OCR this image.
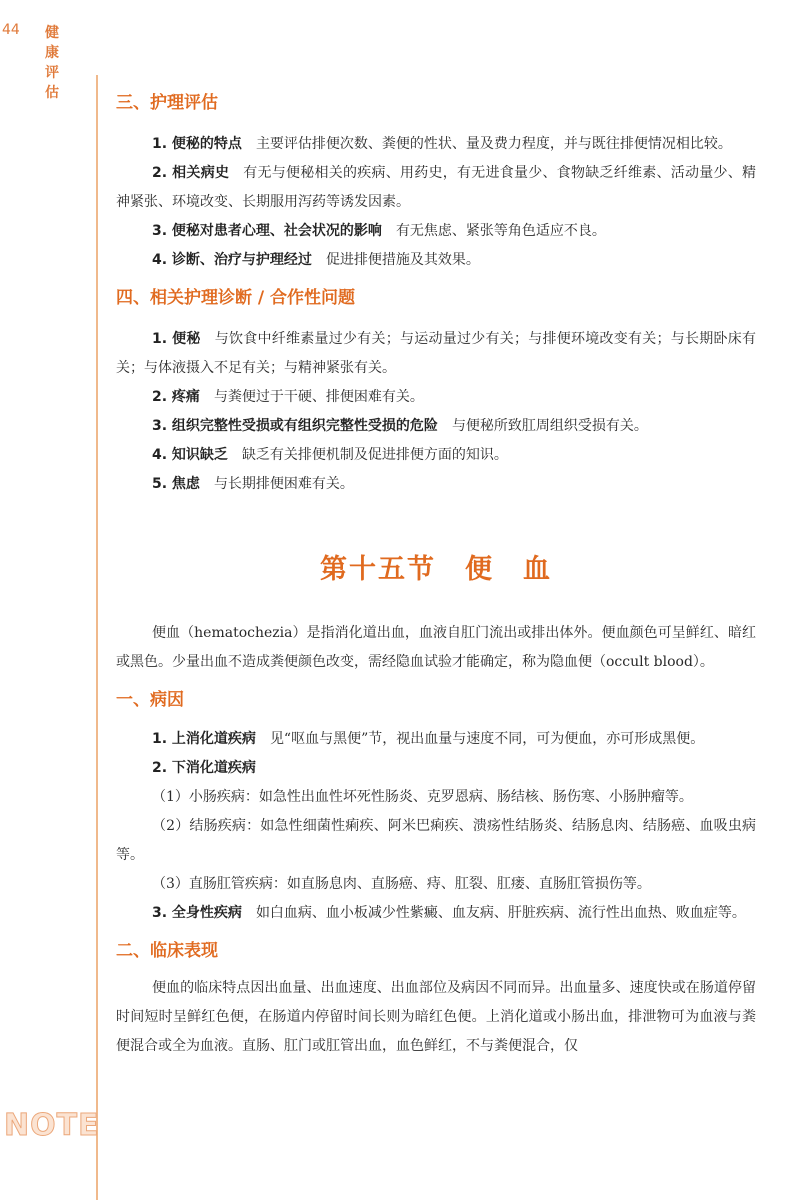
44 健康评估
NOTE
三、护理评估

1. 便秘的特点 主要评估排便次数、粪便的性状、量及费力程度，并与既往排便情况相比较。

2. 相关病史 有无与便秘相关的疾病、用药史，有无进食量少、食物缺乏纤维素、活动量少、精神紧张、环境改变、长期服用泻药等诱发因素。

3. 便秘对患者心理、社会状况的影响 有无焦虑、紧张等角色适应不良。

4. 诊断、治疗与护理经过 促进排便措施及其效果。

四、相关护理诊断 / 合作性问题

1. 便秘 与饮食中纤维素量过少有关；与运动量过少有关；与排便环境改变有关；与长期卧床有关；与体液摄入不足有关；与精神紧张有关。

2. 疼痛 与粪便过于干硬、排便困难有关。

3. 组织完整性受损或有组织完整性受损的危险 与便秘所致肛周组织受损有关。

4. 知识缺乏 缺乏有关排便机制及促进排便方面的知识。

5. 焦虑 与长期排便困难有关。

第十五节　便　血

便血（hematochezia）是指消化道出血，血液自肛门流出或排出体外。便血颜色可呈鲜红、暗红或黑色。少量出血不造成粪便颜色改变，需经隐血试验才能确定，称为隐血便（occult blood）。

一、病因

1. 上消化道疾病 见“呕血与黑便”节，视出血量与速度不同，可为便血，亦可形成黑便。

2. 下消化道疾病

（1）小肠疾病：如急性出血性坏死性肠炎、克罗恩病、肠结核、肠伤寒、小肠肿瘤等。

（2）结肠疾病：如急性细菌性痢疾、阿米巴痢疾、溃疡性结肠炎、结肠息肉、结肠癌、血吸虫病等。

（3）直肠肛管疾病：如直肠息肉、直肠癌、痔、肛裂、肛瘘、直肠肛管损伤等。

3. 全身性疾病 如白血病、血小板减少性紫癜、血友病、肝脏疾病、流行性出血热、败血症等。

二、临床表现

便血的临床特点因出血量、出血速度、出血部位及病因不同而异。出血量多、速度快或在肠道停留时间短时呈鲜红色便，在肠道内停留时间长则为暗红色便。上消化道或小肠出血，排泄物可为血液与粪便混合或全为血液。直肠、肛门或肛管出血，血色鲜红，不与粪便混合，仅
